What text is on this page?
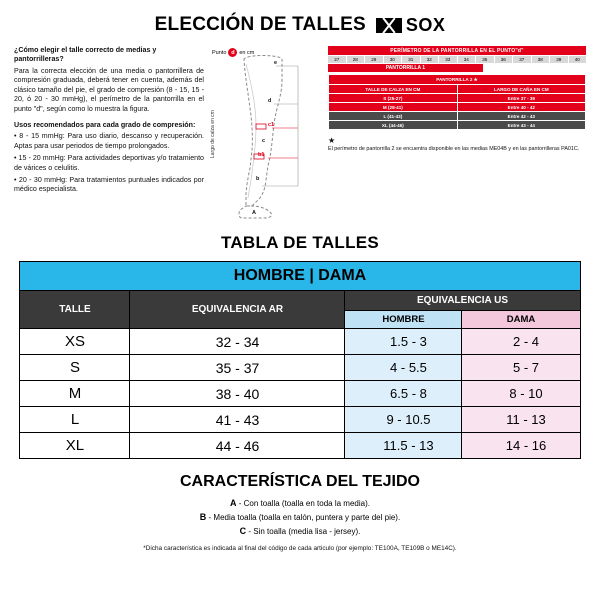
ELECCIÓN DE TALLES SOX
¿Cómo elegir el talle correcto de medias y pantorrilleras?

Para la correcta elección de una media o pantorrillera de compresión graduada, deberá tener en cuenta, además del clásico tamaño del pie, el grado de compresión (8 - 15, 15 - 20, ó 20 - 30 mmHg), el perímetro de la pantorrilla en el punto "d", según como lo muestra la figura.

Usos recomendados para cada grado de compresión:
• 8 - 15 mmHg: Para uso diario, descanso y recuperación. Aptas para usar periodos de tiempo prolongados.
• 15 - 20 mmHg: Para actividades deportivas y/o tratamiento de várices o celulitis.
• 20 - 30 mmHg: Para tratamientos puntuales indicados por médico especialista.
Punto d en cm
Largo de calza en cm
e
d
c1
c
b1
b
A
PERÍMETRO DE LA PANTORRILLA EN EL PUNTO"d"
27	28	29	30	31	32	33	34	35	36	37	38	39	40
PANTORRILLA 1
PANTORRILLA 2 ★	
TALLE DE CALZA EN CM	LARGO DE CAÑA EN CM
S (25-27)	Entre 37 - 39
M (28-41)	Entre 40 - 42
L (41-43)	Entre 42 - 43
XL (44-46)	Entre 43 - 44
★
El perímetro de pantorrilla 2 se encuentra disponible en las medias ME04B y en las pantorrilleras PA01C.
TABLA DE TALLES
HOMBRE | DAMA			
TALLE	EQUIVALENCIA AR	EQUIVALENCIA US	
		HOMBRE	DAMA
XS	32 - 34	1.5 - 3	2 - 4
S	35 - 37	4 - 5.5	5 - 7
M	38 - 40	6.5 - 8	8 - 10
L	41 - 43	9 - 10.5	11 - 13
XL	44 - 46	11.5 - 13	14 - 16
CARACTERÍSTICA DEL TEJIDO
A - Con toalla (toalla en toda la media).
B - Media toalla (toalla en talón, puntera y parte del pie).
C - Sin toalla (media lisa - jersey).
*Dicha característica es indicada al final del código de cada articulo (por ejemplo: TE100A, TE109B o ME14C).
